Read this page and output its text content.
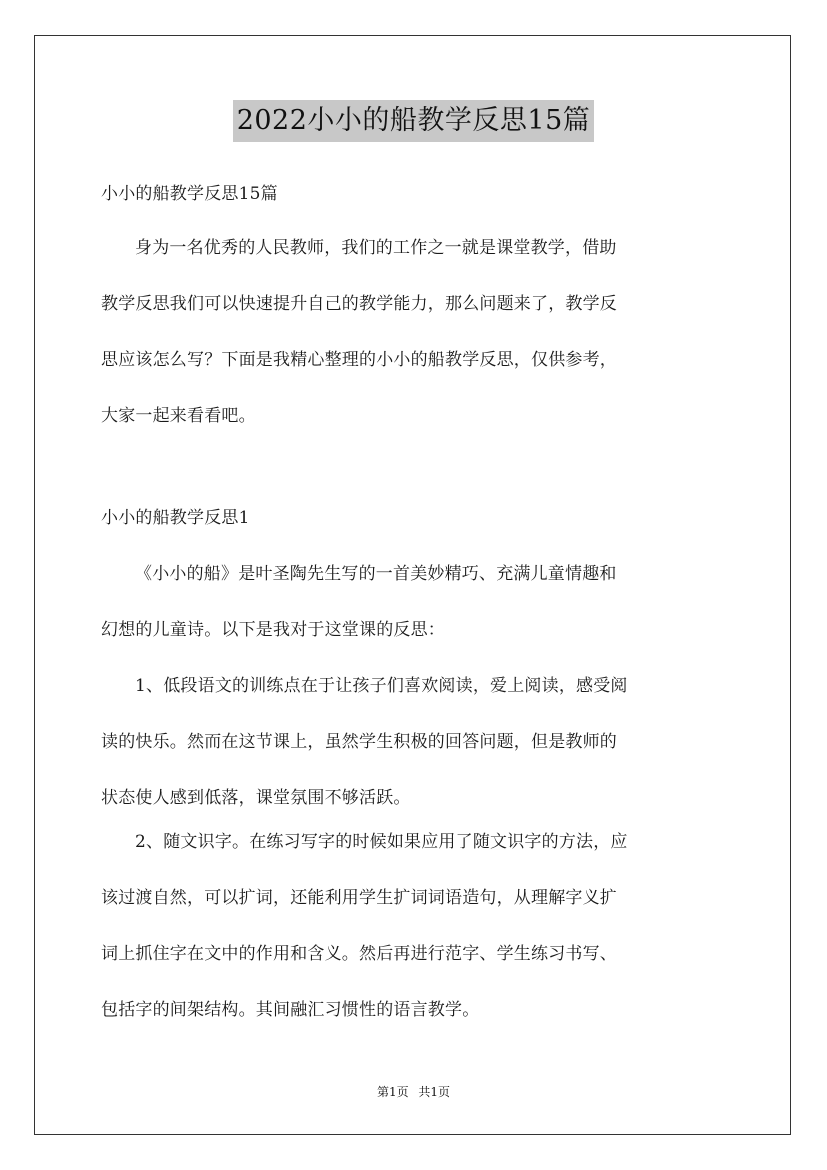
2022小小的船教学反思15篇
小小的船教学反思15篇
身为一名优秀的人民教师，我们的工作之一就是课堂教学，借助
教学反思我们可以快速提升自己的教学能力，那么问题来了，教学反
思应该怎么写？下面是我精心整理的小小的船教学反思，仅供参考，
大家一起来看看吧。
小小的船教学反思1
《小小的船》是叶圣陶先生写的一首美妙精巧、充满儿童情趣和
幻想的儿童诗。以下是我对于这堂课的反思：
1、低段语文的训练点在于让孩子们喜欢阅读，爱上阅读，感受阅
读的快乐。然而在这节课上，虽然学生积极的回答问题，但是教师的
状态使人感到低落，课堂氛围不够活跃。
2、随文识字。在练习写字的时候如果应用了随文识字的方法，应
该过渡自然，可以扩词，还能利用学生扩词词语造句，从理解字义扩
词上抓住字在文中的作用和含义。然后再进行范字、学生练习书写、
包括字的间架结构。其间融汇习惯性的语言教学。
第1页 共1页
